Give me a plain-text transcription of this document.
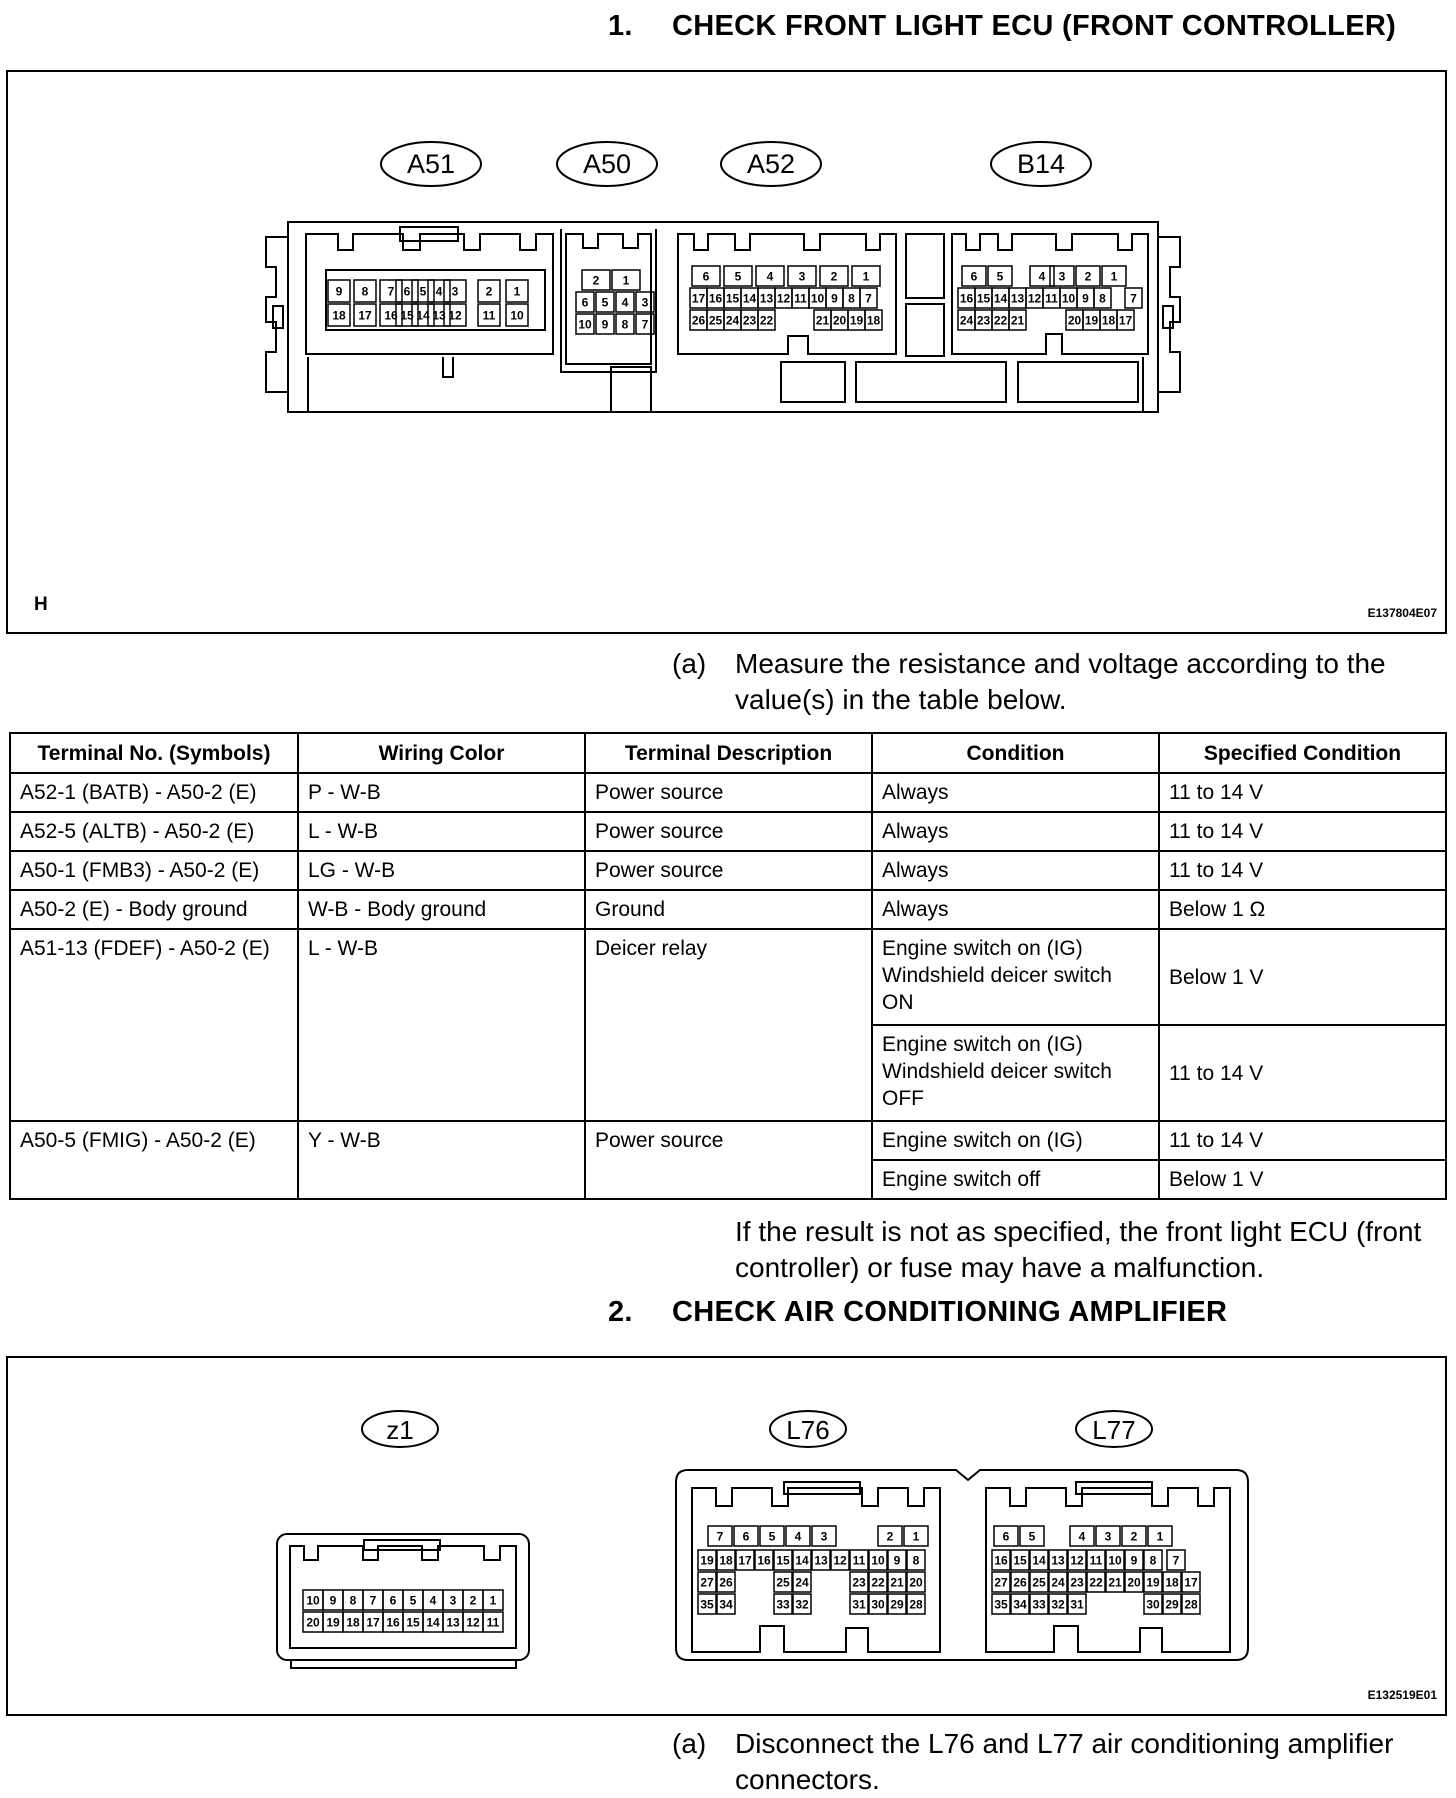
1. CHECK FRONT LIGHT ECU (FRONT CONTROLLER)
9 8 7 6 5 4 3 2 1
18 17 16 15 14 13 12 11 10
2 1
6 5 4 3
10 9 8 7
6 5 4 3 2 1
17 16 15 14 13 12 11 10 9 8 7
26 25 24 23 22	21 20 19 18
6 5	4 3 2 1
16 15 14 13 12 11 10 9 8 7
24 23 22 21	20 19 18 17
A51	A50	A52	B14
H	E137804E07
(a) Measure the resistance and voltage according to the value(s) in the table below.
Terminal No. (Symbols)	Wiring Color	Terminal Description	Condition	Specified Condition
A52-1 (BATB) - A50-2 (E)	P - W-B	Power source	Always	11 to 14 V
A52-5 (ALTB) - A50-2 (E)	L - W-B	Power source	Always	11 to 14 V
A50-1 (FMB3) - A50-2 (E)	LG - W-B	Power source	Always	11 to 14 V
A50-2 (E) - Body ground	W-B - Body ground	Ground	Always	Below 1 Ω
A51-13 (FDEF) - A50-2 (E)	L - W-B	Deicer relay	Engine switch on (IG) Windshield deicer switch ON	Below 1 V
			Engine switch on (IG) Windshield deicer switch OFF	11 to 14 V
A50-5 (FMIG) - A50-2 (E)	Y - W-B	Power source	Engine switch on (IG)	11 to 14 V
			Engine switch off	Below 1 V
If the result is not as specified, the front light ECU (front controller) or fuse may have a malfunction.
2. CHECK AIR CONDITIONING AMPLIFIER
10 9 8 7 6 5 4 3 2 1
20 19 18 17 16 15 14 13 12 11
7 6 5 4 3	2 1
19 18 17 16 15 14 13 12 11 10 9 8
27 26	25 24	23 22 21 20
35 34	33 32	31 30 29 28
6 5	4 3 2 1
16 15 14 13 12 11 10 9 8 7
27 26 25 24 23 22 21 20 19 18 17
35 34 33 32 31	30 29 28
z1	L76	L77
E132519E01
(a) Disconnect the L76 and L77 air conditioning amplifier connectors.
